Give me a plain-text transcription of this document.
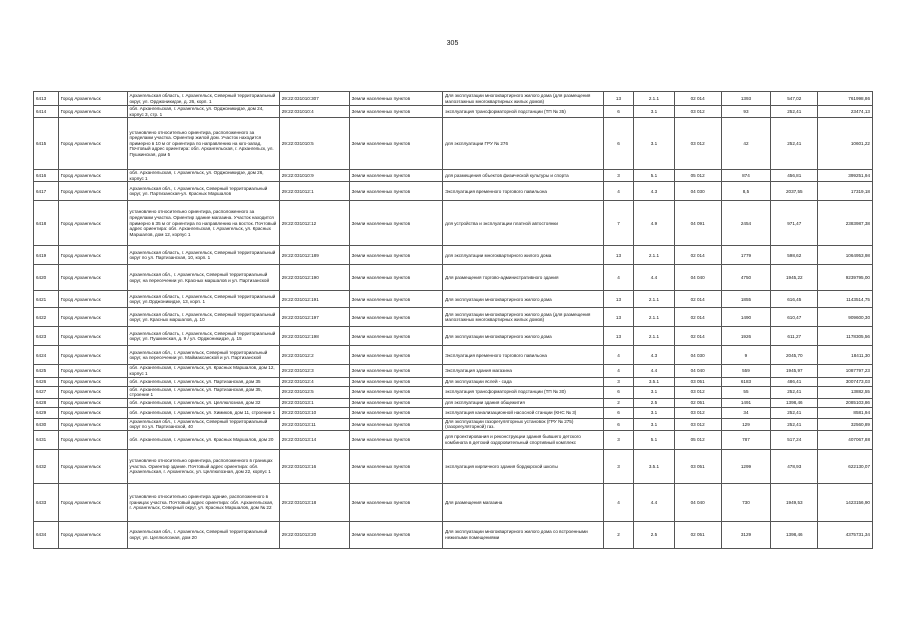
305
6413	Город Архангельск	Архангельская область, г. Архангельск, Северный территориальный округ, ул. Орджоникидзе, д. 26, корп. 1	29:22:031010:307	Земли населенных пунктов	Для эксплуатации многоквартирного жилого дома (для размещения малоэтажных многоквартирных жилых домов)	13	2.1.1	02 014	1393	547,02	761998,86
6414	Город Архангельск	обл. Архангельская, г. Архангельск, ул. Орджоникидзе, дом 24, корпус 3, стр. 1	29:22:031010:4	Земли населенных пунктов	эксплуатация трансформаторной подстанции (ТП № 35)	6	3.1	03 012	93	252,41	23474,13
6415	Город Архангельск	установлено относительно ориентира, расположенного за пределами участка. Ориентир жилой дом. Участок находится примерно в 10 м от ориентира по направлению на юго-запад. Почтовый адрес ориентира: обл. Архангельская, г. Архангельск, ул. Пушкинская, дом 5	29:22:031010:5	Земли населенных пунктов	для эксплуатации ГРУ № 276	6	3.1	03 012	42	252,41	10601,22
6416	Город Архангельск	обл. Архангельская, г. Архангельск, ул. Орджоникидзе, дом 26, корпус 1	29:22:031010:9	Земли населенных пунктов	для размещения объектов физической культуры и спорта	3	5.1	05 012	874	456,81	399251,94
6417	Город Архангельск	Архангельская обл., г. Архангельск, Северный территориальный округ, ул. Партизанская-ул. Красных Маршалов	29:22:031012:1	Земли населенных пунктов	Эксплуатация временного торгового павильона	4	4.3	04 030	8,5	2037,55	17319,18
6418	Город Архангельск	установлено относительно ориентира, расположенного за пределами участка. Ориентир здание магазина. Участок находится примерно в 35 м от ориентира по направлению на восток. Почтовый адрес ориентира: обл. Архангельская, г. Архангельск, ул. Красных Маршалов, дом 12, корпус 1	29:22:031012:12	Земли населенных пунктов	для устройства и эксплуатации платной автостоянки	7	4.9	04 091	2454	971,47	2383987,38
6419	Город Архангельск	Архангельская область, г. Архангельск, Северный территориальный округ по ул. Партизанская, 10, корп. 1	29:22:031012:189	Земли населенных пунктов	для эксплуатации многоквартирного жилого дома	13	2.1.1	02 014	1779	598,62	1064953,98
6420	Город Архангельск	Архангельская обл., г. Архангельск, Северный территориальный округ, на пересечении ул. Красных маршалов и ул. Партизанской	29:22:031012:190	Земли населенных пунктов	Для размещения торгово-административного здания	4	4.4	04 040	4750	1945,22	9239795,00
6421	Город Архангельск	Архангельская область, г. Архангельск, Северный территориальный округ, ул.Орджоникидзе, 13, корп. 1	29:22:031012:191	Земли населенных пунктов	Для эксплуатации многоквартирного жилого дома	13	2.1.1	02 014	1855	616,45	1143514,75
6422	Город Архангельск	Архангельская область, г. Архангельск, Северный территориальный округ, ул. Красных маршалов, д. 10	29:22:031012:197	Земли населенных пунктов	Для эксплуатации многоквартирного жилого дома (для размещения малоэтажных многоквартирных жилых домов)	13	2.1.1	02 014	1490	610,47	909600,30
6423	Город Архангельск	Архангельская область, г. Архангельск, Северный территориальный округ, ул. Пушкинская, д. 9 / ул. Орджоникидзе, д. 15	29:22:031012:198	Земли населенных пунктов	Для эксплуатации многоквартирного жилого дома	13	2.1.1	02 014	1926	611,27	1178305,56
6424	Город Архангельск	Архангельская обл., г. Архангельск, Северный территориальный округ, на пересечении ул. Маймаксанской и ул. Партизанской	29:22:031012:2	Земли населенных пунктов	Эксплуатация временного торгового павильона	4	4.3	04 030	9	2045,70	18411,30
6425	Город Архангельск	обл. Архангельская, г. Архангельск, ул. Красных Маршалов, дом 12, корпус 1	29:22:031012:3	Земли населенных пунктов	Эксплуатация здания магазина	4	4.4	04 040	559	1945,97	1087797,23
6426	Город Архангельск	обл. Архангельская, г. Архангельск, ул. Партизанская, дом 35	29:22:031012:4	Земли населенных пунктов	Для эксплуатации яслей - сада	3	3.5.1	03 051	6183	486,41	3007473,03
6427	Город Архангельск	обл. Архангельская, г. Архангельск, ул. Партизанская, дом 35, строение 1	29:22:031012:5	Земли населенных пунктов	эксплуатация трансформаторной подстанции (ТП № 30)	6	3.1	03 012	55	252,41	13882,55
6428	Город Архангельск	обл. Архангельская, г. Архангельск, ул. Целлюлозная, дом 32	29:22:031013:1	Земли населенных пунктов	для эксплуатации здания общежития	2	2.5	02 051	1491	1398,46	2085103,86
6429	Город Архангельск	обл. Архангельская, г. Архангельск, ул. Химиков, дом 11, строение 1	29:22:031013:10	Земли населенных пунктов	эксплуатация канализационной насосной станции (КНС № 3)	6	3.1	03 012	34	252,41	8581,94
6430	Город Архангельск	Архангельская обл., г. Архангельск, Северный территориальный округ по ул. Партизанской, 40	29:22:031013:11	Земли населенных пунктов	Для эксплуатации газорегуляторных установок (ГРУ № 275) (газорегуляторной) газ.	6	3.1	03 012	129	252,41	32560,89
6431	Город Архангельск	обл. Архангельская, г. Архангельск, ул. Красных Маршалов, дом 20	29:22:031013:14	Земли населенных пунктов	для проектирования и реконструкции здания бывшего детского комбината в детский оздоровительный спортивный комплекс	3	5.1	05 012	787	517,24	407067,88
6432	Город Архангельск	установлено относительно ориентира, расположенного в границах участка. Ориентир здание. Почтовый адрес ориентира: обл. Архангельская, г. Архангельск, ул. Целлюлозная, дом 22, корпус 1	29:22:031013:16	Земли населенных пунктов	эксплуатация кирпичного здания бордюрской школы	3	3.5.1	03 051	1299	478,93	622130,07
6433	Город Архангельск	установлено относительно ориентира здание, расположенного в границах участка. Почтовый адрес ориентира: обл. Архангельская, г. Архангельск, Северный округ, ул. Красных Маршалов, дом № 22	29:22:031013:18	Земли населенных пунктов	Для размещения магазина	4	4.4	04 040	730	1949,53	1423156,90
6434	Город Архангельск	Архангельская обл., г. Архангельск, Северный территориальный округ, ул. Целлюлозная, дом 20	29:22:031013:20	Земли населенных пунктов	Для эксплуатации многоквартирного жилого дома со встроенными нежилыми помещениями	2	2.5	02 051	3129	1398,46	4375731,34
